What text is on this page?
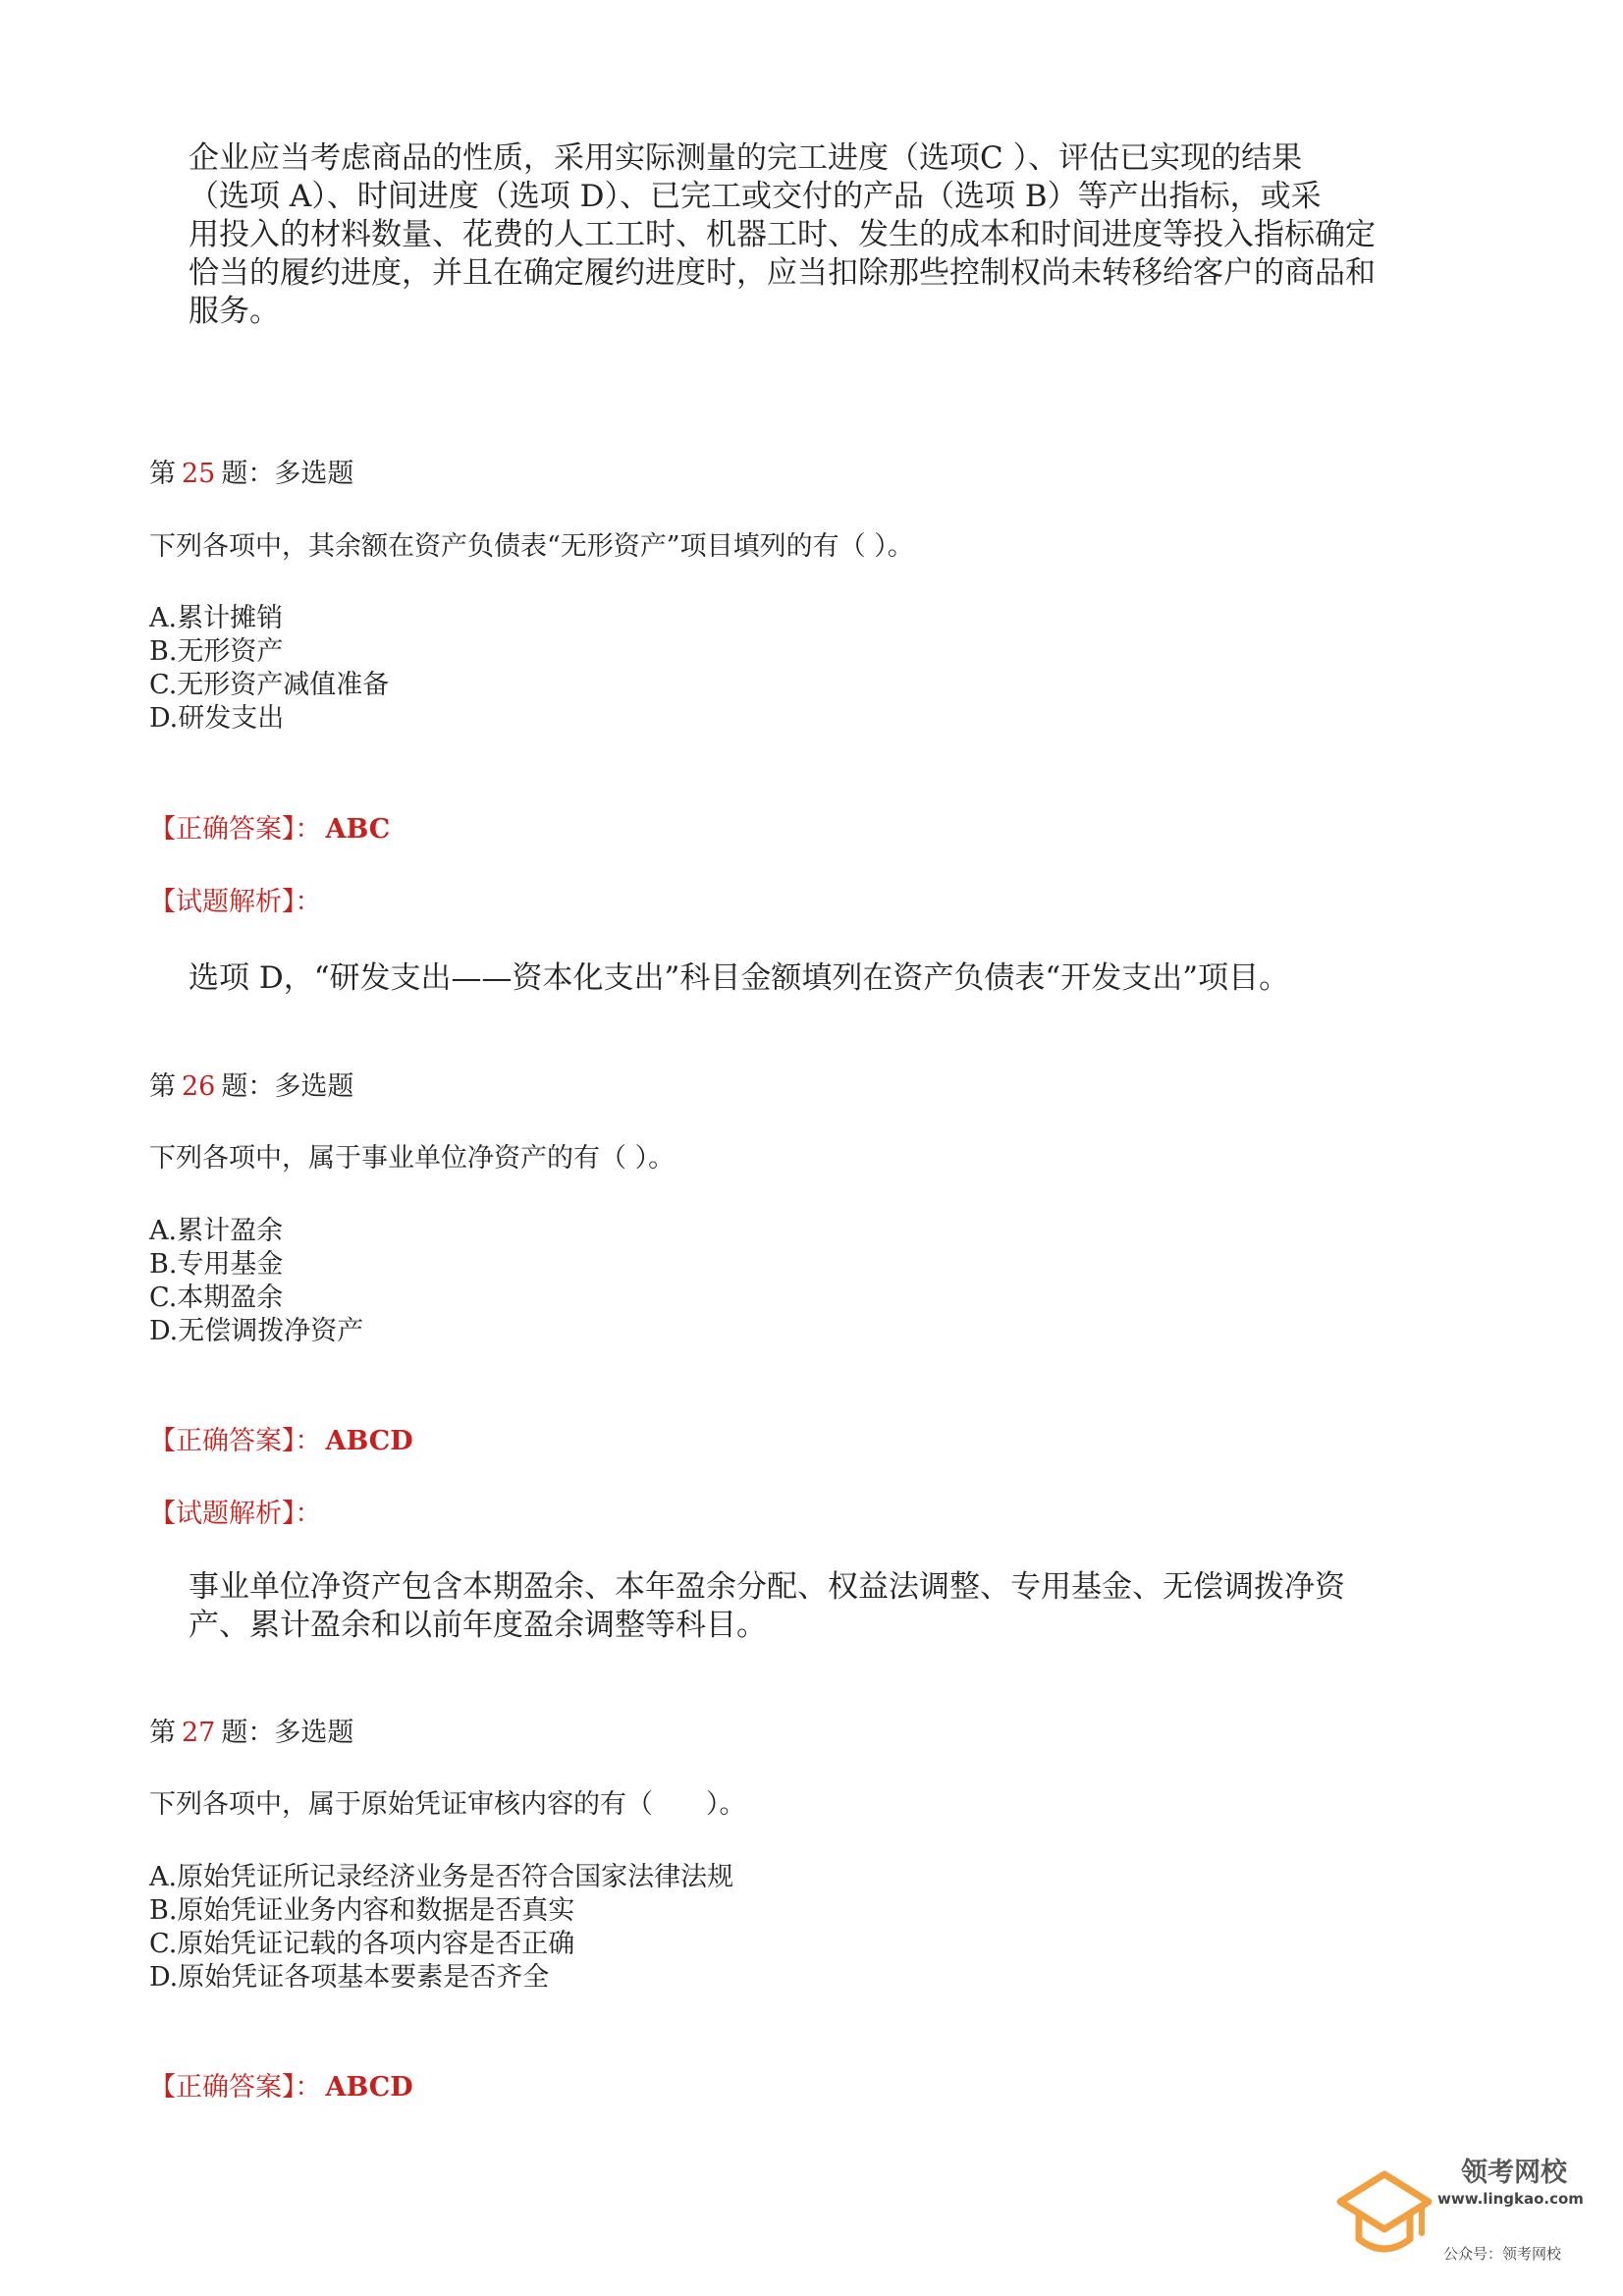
企业应当考虑商品的性质，采用实际测量的完工进度（选项C ）、评估已实现的结果
（选项 A）、时间进度（选项 D）、已完工或交付的产品（选项 B）等产出指标，或采
用投入的材料数量、花费的人工工时、机器工时、发生的成本和时间进度等投入指标确定
恰当的履约进度，并且在确定履约进度时，应当扣除那些控制权尚未转移给客户的商品和
服务。

第 25 题：多选题

下列各项中，其余额在资产负债表“无形资产”项目填列的有（ ）。

A.累计摊销
B.无形资产
C.无形资产减值准备
D.研发支出

【正确答案】： ABC

【试题解析】：

选项 D，“研发支出——资本化支出”科目金额填列在资产负债表“开发支出”项目。

第 26 题：多选题

下列各项中，属于事业单位净资产的有（ ）。

A.累计盈余
B.专用基金
C.本期盈余
D.无偿调拨净资产

【正确答案】： ABCD

【试题解析】：

事业单位净资产包含本期盈余、本年盈余分配、权益法调整、专用基金、无偿调拨净资
产、累计盈余和以前年度盈余调整等科目。

第 27 题：多选题

下列各项中，属于原始凭证审核内容的有（　　）。

A.原始凭证所记录经济业务是否符合国家法律法规
B.原始凭证业务内容和数据是否真实
C.原始凭证记载的各项内容是否正确
D.原始凭证各项基本要素是否齐全

【正确答案】： ABCD

领考网校
www.lingkao.com
公众号：领考网校
